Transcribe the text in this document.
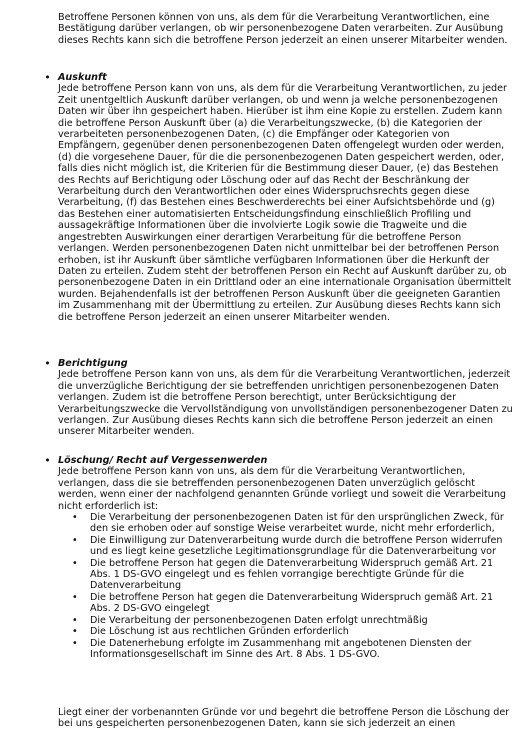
Betroffene Personen können von uns, als dem für die Verarbeitung Verantwortlichen, eine Bestätigung darüber verlangen, ob wir personenbezogene Daten verarbeiten. Zur Ausübung dieses Rechts kann sich die betroffene Person jederzeit an einen unserer Mitarbeiter wenden.

• Auskunft

Jede betroffene Person kann von uns, als dem für die Verarbeitung Verantwortlichen, zu jeder Zeit unentgeltlich Auskunft darüber verlangen, ob und wenn ja welche personenbezogenen Daten wir über ihn gespeichert haben. Hierüber ist ihm eine Kopie zu erstellen. Zudem kann die betroffene Person Auskunft über (a) die Verarbeitungszwecke, (b) die Kategorien der verarbeiteten personenbezogenen Daten, (c) die Empfänger oder Kategorien von Empfängern, gegenüber denen personenbezogenen Daten offengelegt wurden oder werden, (d) die vorgesehene Dauer, für die die personenbezogenen Daten gespeichert werden, oder, falls dies nicht möglich ist, die Kriterien für die Bestimmung dieser Dauer, (e) das Bestehen des Rechts auf Berichtigung oder Löschung oder auf das Recht der Beschränkung der Verarbeitung durch den Verantwortlichen oder eines Widerspruchsrechts gegen diese Verarbeitung, (f) das Bestehen eines Beschwerderechts bei einer Aufsichtsbehörde und (g) das Bestehen einer automatisierten Entscheidungsfindung einschließlich Profiling und aussagekräftige Informationen über die involvierte Logik sowie die Tragweite und die angestrebten Auswirkungen einer derartigen Verarbeitung für die betroffene Person verlangen. Werden personenbezogenen Daten nicht unmittelbar bei der betroffenen Person erhoben, ist ihr Auskunft über sämtliche verfügbaren Informationen über die Herkunft der Daten zu erteilen. Zudem steht der betroffenen Person ein Recht auf Auskunft darüber zu, ob personenbezogene Daten in ein Drittland oder an eine internationale Organisation übermittelt wurden. Bejahendenfalls ist der betroffenen Person Auskunft über die geeigneten Garantien im Zusammenhang mit der Übermittlung zu erteilen. Zur Ausübung dieses Rechts kann sich die betroffene Person jederzeit an einen unserer Mitarbeiter wenden.

• Berichtigung

Jede betroffene Person kann von uns, als dem für die Verarbeitung Verantwortlichen, jederzeit die unverzügliche Berichtigung der sie betreffenden unrichtigen personenbezogenen Daten verlangen. Zudem ist die betroffene Person berechtigt, unter Berücksichtigung der Verarbeitungszwecke die Vervollständigung von unvollständigen personenbezogener Daten zu verlangen. Zur Ausübung dieses Rechts kann sich die betroffene Person jederzeit an einen unserer Mitarbeiter wenden.

• Löschung/ Recht auf Vergessenwerden

Jede betroffene Person kann von uns, als dem für die Verarbeitung Verantwortlichen, verlangen, dass die sie betreffenden personenbezogenen Daten unverzüglich gelöscht werden, wenn einer der nachfolgend genannten Gründe vorliegt und soweit die Verarbeitung nicht erforderlich ist:

• Die Verarbeitung der personenbezogenen Daten ist für den ursprünglichen Zweck, für den sie erhoben oder auf sonstige Weise verarbeitet wurde, nicht mehr erforderlich,
• Die Einwilligung zur Datenverarbeitung wurde durch die betroffene Person widerrufen und es liegt keine gesetzliche Legitimationsgrundlage für die Datenverarbeitung vor
• Die betroffene Person hat gegen die Datenverarbeitung Widerspruch gemäß Art. 21 Abs. 1 DS-GVO eingelegt und es fehlen vorrangige berechtigte Gründe für die Datenverarbeitung
• Die betroffene Person hat gegen die Datenverarbeitung Widerspruch gemäß Art. 21 Abs. 2 DS-GVO eingelegt
• Die Verarbeitung der personenbezogenen Daten erfolgt unrechtmäßig
• Die Löschung ist aus rechtlichen Gründen erforderlich
• Die Datenerhebung erfolgte im Zusammenhang mit angebotenen Diensten der Informationsgesellschaft im Sinne des Art. 8 Abs. 1 DS-GVO.

Liegt einer der vorbenannten Gründe vor und begehrt die betroffene Person die Löschung der bei uns gespeicherten personenbezogenen Daten, kann sie sich jederzeit an einen
